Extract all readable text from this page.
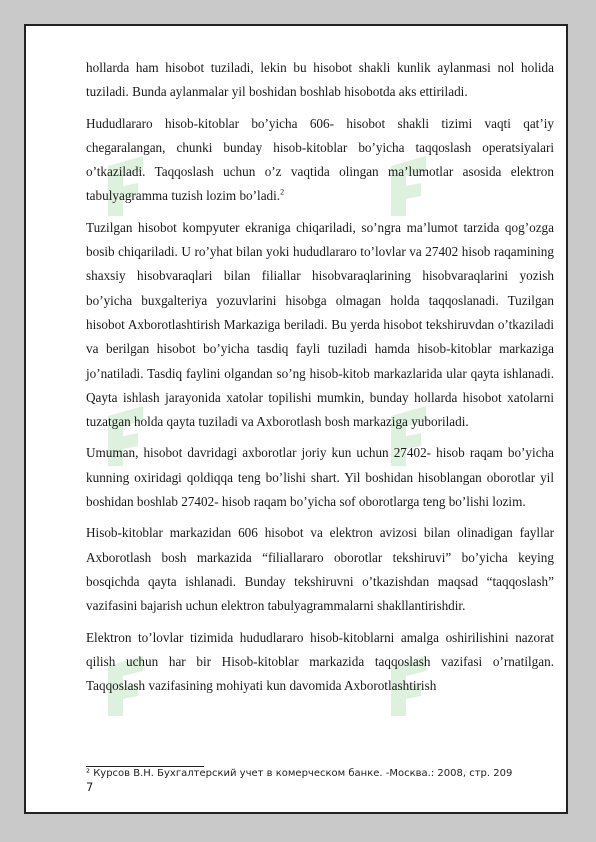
hollarda ham hisobot tuziladi, lekin bu hisobot shakli kunlik aylanmasi nol holida tuziladi. Bunda aylanmalar yil boshidan boshlab hisobotda aks ettiriladi.

Hududlararo hisob-kitoblar bo’yicha 606- hisobot shakli tizimi vaqti qat’iy chegaralangan, chunki bunday hisob-kitoblar bo’yicha taqqoslash operatsiyalari o’tkaziladi. Taqqoslash uchun o’z vaqtida olingan ma’lumotlar asosida elektron tabulyagramma tuzish lozim bo’ladi.$^2$

Tuzilgan hisobot kompyuter ekraniga chiqariladi, so’ngra ma’lumot tarzida qog’ozga bosib chiqariladi. U ro’yhat bilan yoki hududlararo to’lovlar va 27402 hisob raqamining shaxsiy hisobvaraqlari bilan filiallar hisobvaraqlarining hisobvaraqlarini yozish bo’yicha buxgalteriya yozuvlarini hisobga olmagan holda taqqoslanadi. Tuzilgan hisobot Axborotlashtirish Markaziga beriladi. Bu yerda hisobot tekshiruvdan o’tkaziladi va berilgan hisobot bo’yicha tasdiq fayli tuziladi hamda hisob-kitoblar markaziga jo’natiladi. Tasdiq faylini olgandan so’ng hisob-kitob markazlarida ular qayta ishlanadi. Qayta ishlash jarayonida xatolar topilishi mumkin, bunday hollarda hisobot xatolarni tuzatgan holda qayta tuziladi va Axborotlash bosh markaziga yuboriladi.

Umuman, hisobot davridagi axborotlar joriy kun uchun 27402- hisob raqam bo’yicha kunning oxiridagi qoldiqqa teng bo’lishi shart. Yil boshidan hisoblangan oborotlar yil boshidan boshlab 27402- hisob raqam bo’yicha sof oborotlarga teng bo’lishi lozim.

Hisob-kitoblar markazidan 606 hisobot va elektron avizosi bilan olinadigan fayllar Axborotlash bosh markazida “filiallararo oborotlar tekshiruvi” bo’yicha keying bosqichda qayta ishlanadi. Bunday tekshiruvni o’tkazishdan maqsad “taqqoslash” vazifasini bajarish uchun elektron tabulyagrammalarni shakllantirishdir.

Elektron to’lovlar tizimida hududlararo hisob-kitoblarni amalga oshirilishini nazorat qilish uchun har bir Hisob-kitoblar markazida taqqoslash vazifasi o’rnatilgan. Taqqoslash vazifasining mohiyati kun davomida Axborotlashtirish

² Курсов В.Н. Бухгалтерский учет в комерческом банке. -Москва.: 2008, стр. 209
7
